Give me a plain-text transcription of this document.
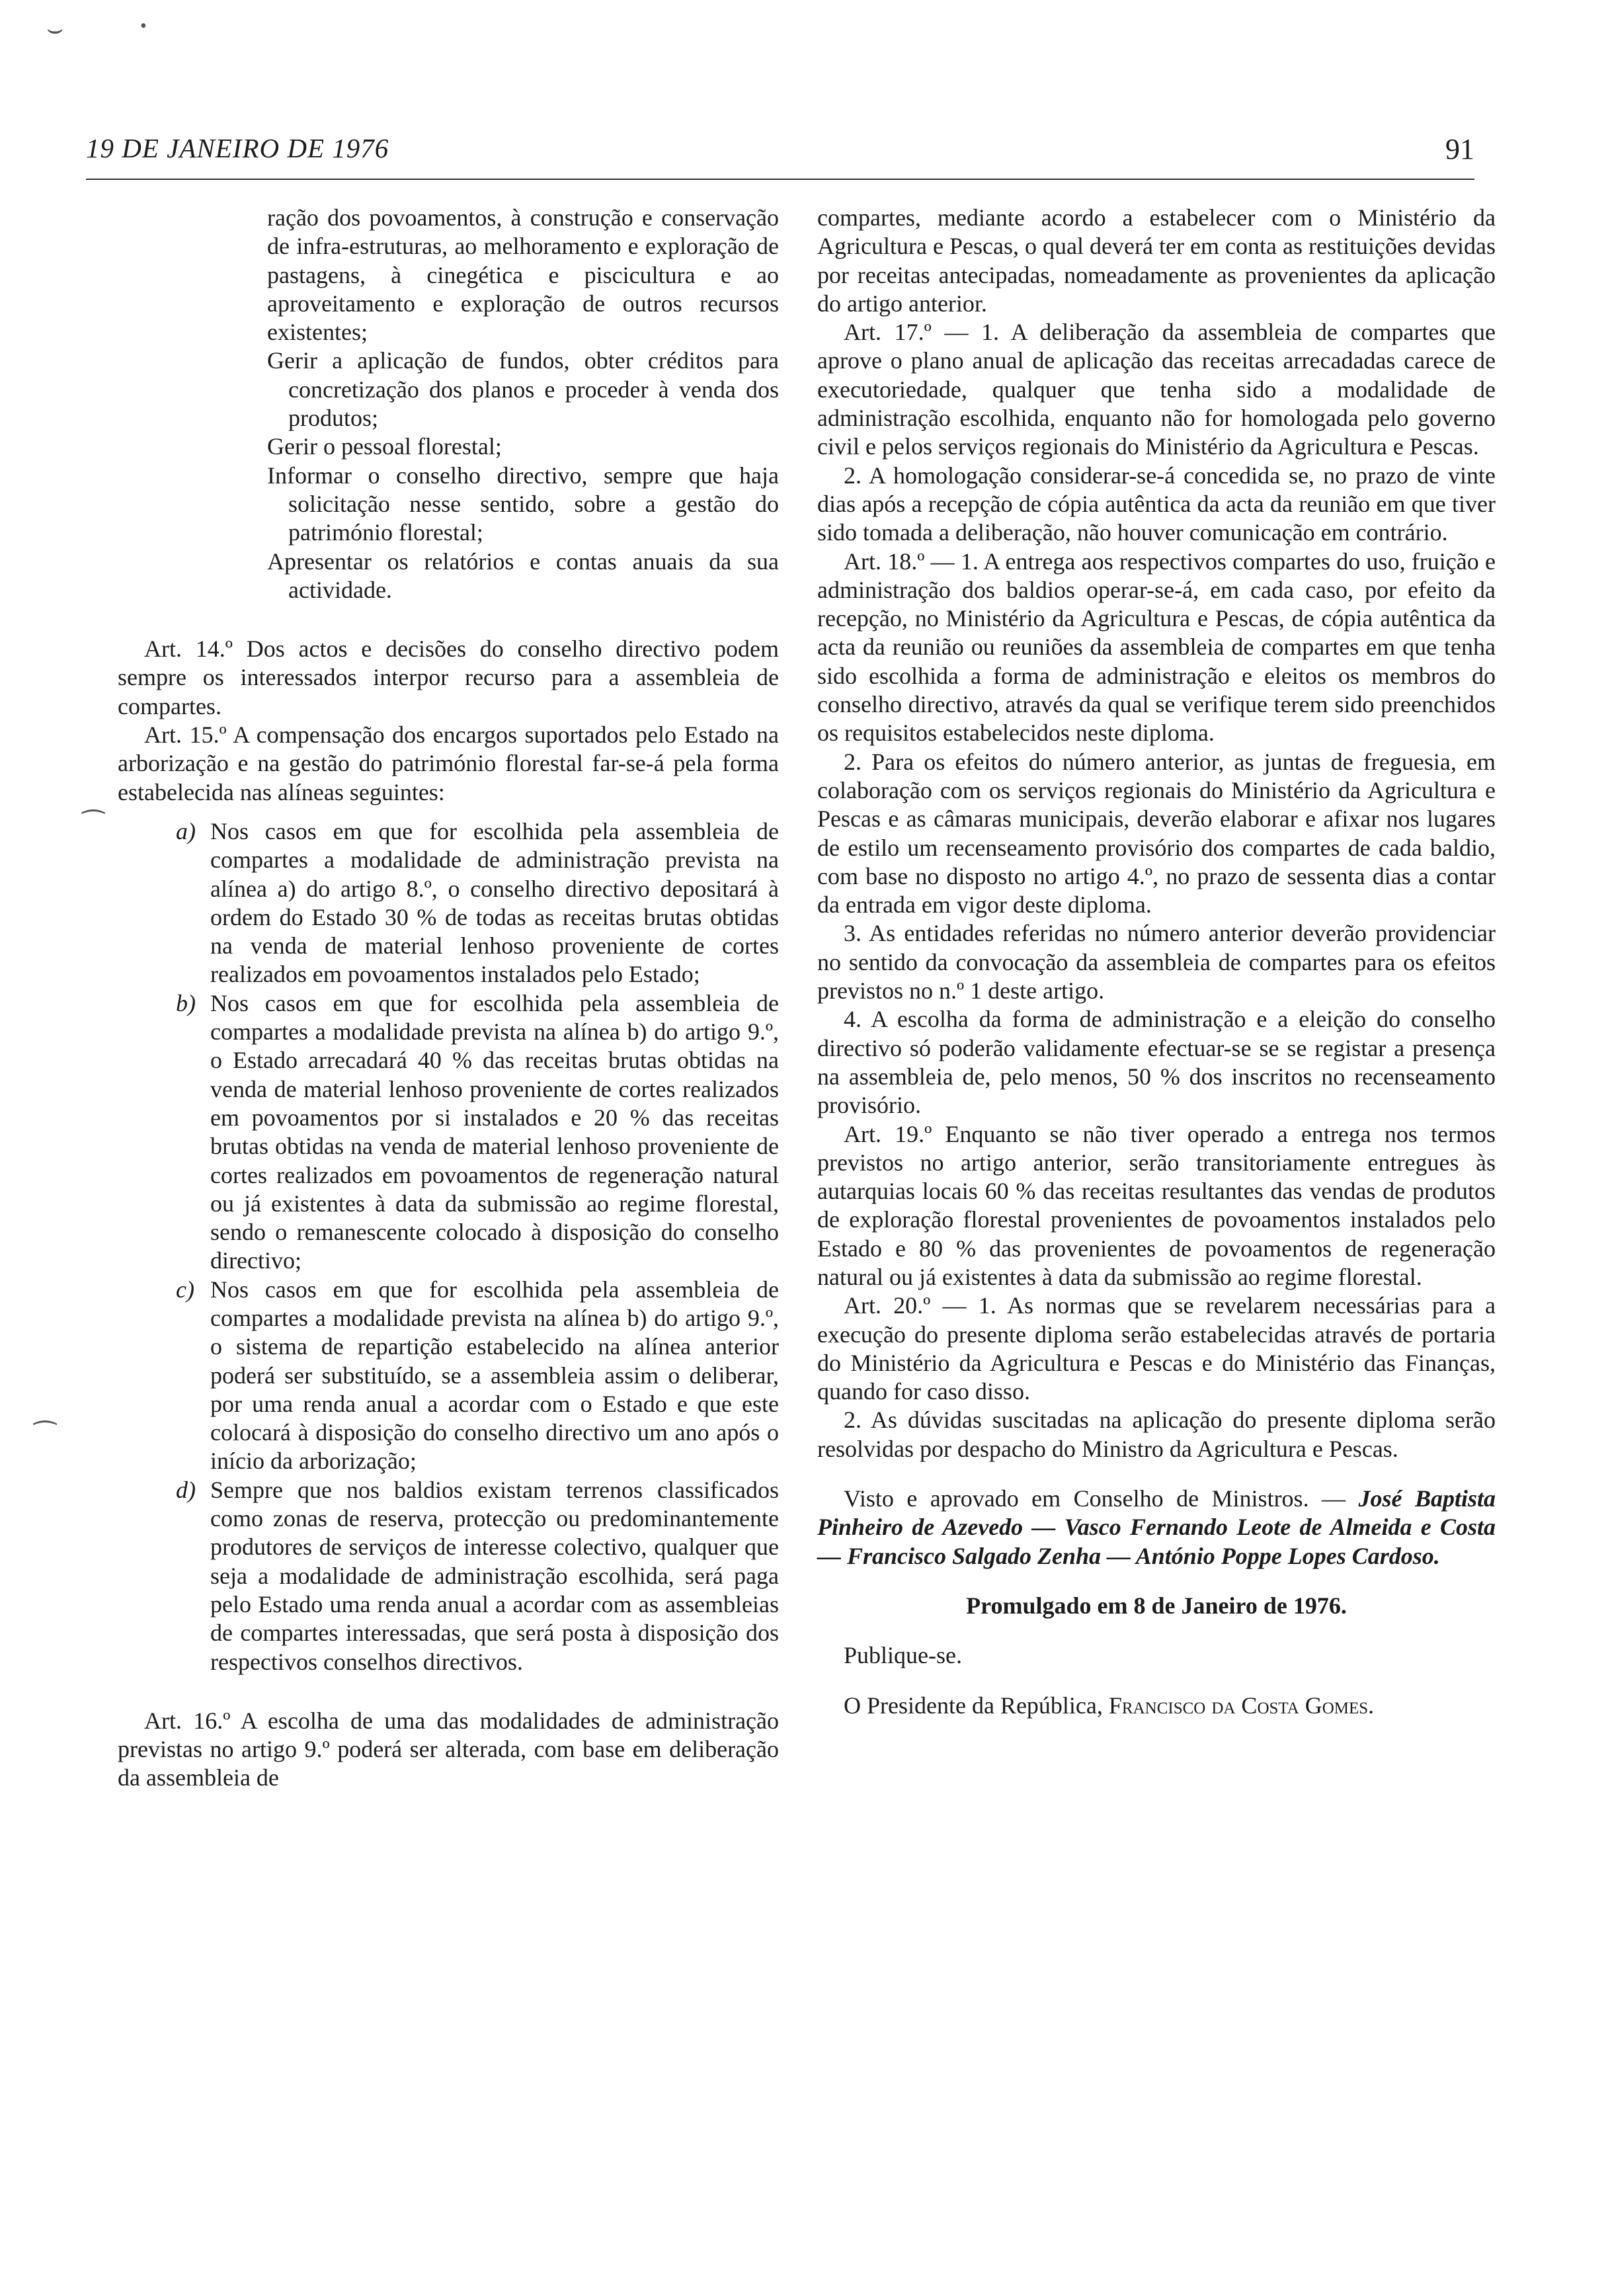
⌣	•
⁀
⁀
19 DE JANEIRO DE 1976	91

ração dos povoamentos, à construção e conservação de infra-estruturas, ao melhoramento e exploração de pastagens, à cinegética e piscicultura e ao aproveitamento e exploração de outros recursos existentes;

Gerir a aplicação de fundos, obter créditos para concretização dos planos e proceder à venda dos produtos;

Gerir o pessoal florestal;

Informar o conselho directivo, sempre que haja solicitação nesse sentido, sobre a gestão do património florestal;

Apresentar os relatórios e contas anuais da sua actividade.

Art. 14.º Dos actos e decisões do conselho directivo podem sempre os interessados interpor recurso para a assembleia de compartes.

Art. 15.º A compensação dos encargos suportados pelo Estado na arborização e na gestão do património florestal far-se-á pela forma estabelecida nas alíneas seguintes:

a) Nos casos em que for escolhida pela assembleia de compartes a modalidade de administração prevista na alínea a) do artigo 8.º, o conselho directivo depositará à ordem do Estado 30 % de todas as receitas brutas obtidas na venda de material lenhoso proveniente de cortes realizados em povoamentos instalados pelo Estado;
b) Nos casos em que for escolhida pela assembleia de compartes a modalidade prevista na alínea b) do artigo 9.º, o Estado arrecadará 40 % das receitas brutas obtidas na venda de material lenhoso proveniente de cortes realizados em povoamentos por si instalados e 20 % das receitas brutas obtidas na venda de material lenhoso proveniente de cortes realizados em povoamentos de regeneração natural ou já existentes à data da submissão ao regime florestal, sendo o remanescente colocado à disposição do conselho directivo;
c) Nos casos em que for escolhida pela assembleia de compartes a modalidade prevista na alínea b) do artigo 9.º, o sistema de repartição estabelecido na alínea anterior poderá ser substituído, se a assembleia assim o deliberar, por uma renda anual a acordar com o Estado e que este colocará à disposição do conselho directivo um ano após o início da arborização;
d) Sempre que nos baldios existam terrenos classificados como zonas de reserva, protecção ou predominantemente produtores de serviços de interesse colectivo, qualquer que seja a modalidade de administração escolhida, será paga pelo Estado uma renda anual a acordar com as assembleias de compartes interessadas, que será posta à disposição dos respectivos conselhos directivos.

Art. 16.º A escolha de uma das modalidades de administração previstas no artigo 9.º poderá ser alterada, com base em deliberação da assembleia de

compartes, mediante acordo a estabelecer com o Ministério da Agricultura e Pescas, o qual deverá ter em conta as restituições devidas por receitas antecipadas, nomeadamente as provenientes da aplicação do artigo anterior.

Art. 17.º — 1. A deliberação da assembleia de compartes que aprove o plano anual de aplicação das receitas arrecadadas carece de executoriedade, qualquer que tenha sido a modalidade de administração escolhida, enquanto não for homologada pelo governo civil e pelos serviços regionais do Ministério da Agricultura e Pescas.

2. A homologação considerar-se-á concedida se, no prazo de vinte dias após a recepção de cópia autêntica da acta da reunião em que tiver sido tomada a deliberação, não houver comunicação em contrário.

Art. 18.º — 1. A entrega aos respectivos compartes do uso, fruição e administração dos baldios operar-se-á, em cada caso, por efeito da recepção, no Ministério da Agricultura e Pescas, de cópia autêntica da acta da reunião ou reuniões da assembleia de compartes em que tenha sido escolhida a forma de administração e eleitos os membros do conselho directivo, através da qual se verifique terem sido preenchidos os requisitos estabelecidos neste diploma.

2. Para os efeitos do número anterior, as juntas de freguesia, em colaboração com os serviços regionais do Ministério da Agricultura e Pescas e as câmaras municipais, deverão elaborar e afixar nos lugares de estilo um recenseamento provisório dos compartes de cada baldio, com base no disposto no artigo 4.º, no prazo de sessenta dias a contar da entrada em vigor deste diploma.

3. As entidades referidas no número anterior deverão providenciar no sentido da convocação da assembleia de compartes para os efeitos previstos no n.º 1 deste artigo.

4. A escolha da forma de administração e a eleição do conselho directivo só poderão validamente efectuar-se se se registar a presença na assembleia de, pelo menos, 50 % dos inscritos no recenseamento provisório.

Art. 19.º Enquanto se não tiver operado a entrega nos termos previstos no artigo anterior, serão transitoriamente entregues às autarquias locais 60 % das receitas resultantes das vendas de produtos de exploração florestal provenientes de povoamentos instalados pelo Estado e 80 % das provenientes de povoamentos de regeneração natural ou já existentes à data da submissão ao regime florestal.

Art. 20.º — 1. As normas que se revelarem necessárias para a execução do presente diploma serão estabelecidas através de portaria do Ministério da Agricultura e Pescas e do Ministério das Finanças, quando for caso disso.

2. As dúvidas suscitadas na aplicação do presente diploma serão resolvidas por despacho do Ministro da Agricultura e Pescas.

Visto e aprovado em Conselho de Ministros. — José Baptista Pinheiro de Azevedo — Vasco Fernando Leote de Almeida e Costa — Francisco Salgado Zenha — António Poppe Lopes Cardoso.

Promulgado em 8 de Janeiro de 1976.

Publique-se.

O Presidente da República, Francisco da Costa Gomes.
